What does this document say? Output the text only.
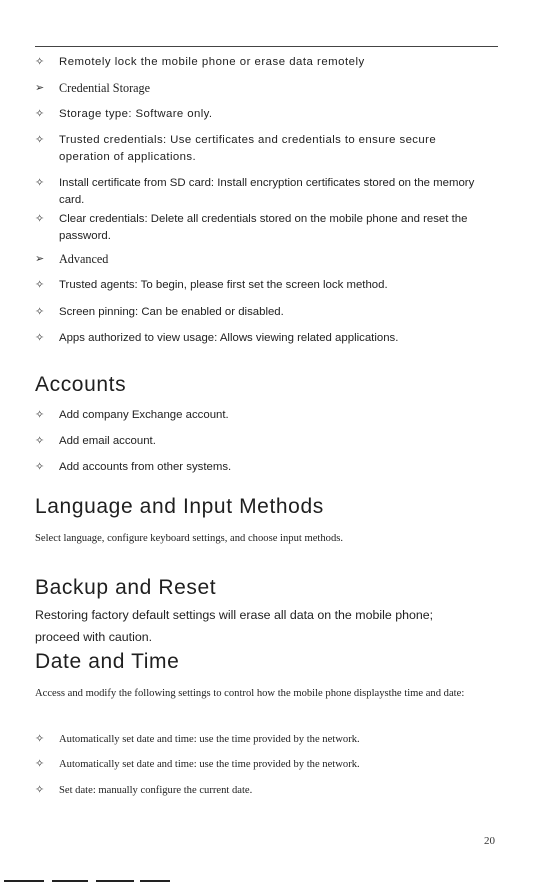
✧	Remotely lock the mobile phone or erase data remotely
➢	Credential Storage
✧	Storage type: Software only.
✧	Trusted credentials: Use certificates and credentials to ensure secure operation of applications.
✧	Install certificate from SD card: Install encryption certificates stored on the memory card.
✧	Clear credentials: Delete all credentials stored on the mobile phone and reset the password.
➢	Advanced
✧	Trusted agents: To begin, please first set the screen lock method.
✧	Screen pinning: Can be enabled or disabled.
✧	Apps authorized to view usage: Allows viewing related applications.
Accounts
✧	Add company Exchange account.
✧	Add email account.
✧	Add accounts from other systems.
Language and Input Methods
Select language, configure keyboard settings, and choose input methods.
Backup and Reset
Restoring factory default settings will erase all data on the mobile phone; proceed with caution.
Date and Time
Access and modify the following settings to control how the mobile phone displaysthe time and date:
✧	Automatically set date and time: use the time provided by the network.
✧	Automatically set date and time: use the time provided by the network.
✧	Set date: manually configure the current date.
20
